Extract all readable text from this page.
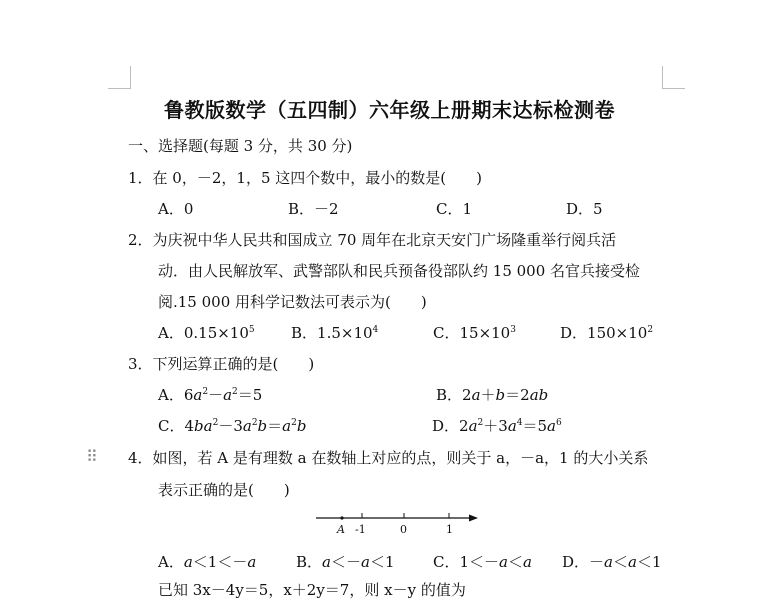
鲁教版数学（五四制）六年级上册期末达标检测卷
一、选择题(每题 3 分，共 30 分)
1．在 0，－2，1，5 这四个数中，最小的数是(　　)
A．0	B．－2	C．1	D．5
2．为庆祝中华人民共和国成立 70 周年在北京天安门广场隆重举行阅兵活
动．由人民解放军、武警部队和民兵预备役部队约 15 000 名官兵接受检
阅.15 000 用科学记数法可表示为(　　)
A．$0.15\times 10^5$ B．$1.5\times 10^4$	C．$15\times 10^3$	D．$150\times 10^2$
3．下列运算正确的是(　　)
A．$6a^2-a^2=5$	B．2a＋b＝2ab
C．$4ba^2-3a^2b=a^2b$	D．$2a^2+3a^4=5a^6$
⠿ 4．如图，若 A 是有理数 a 在数轴上对应的点，则关于 a，－a，1 的大小关系
表示正确的是(　　)
A -1	0	1
A．a＜1＜－a	B．a＜－a＜1	C．1＜－a＜a D．－a＜a＜1
已知 3x－4y＝5，x＋2y＝7，则 x－y 的值为
